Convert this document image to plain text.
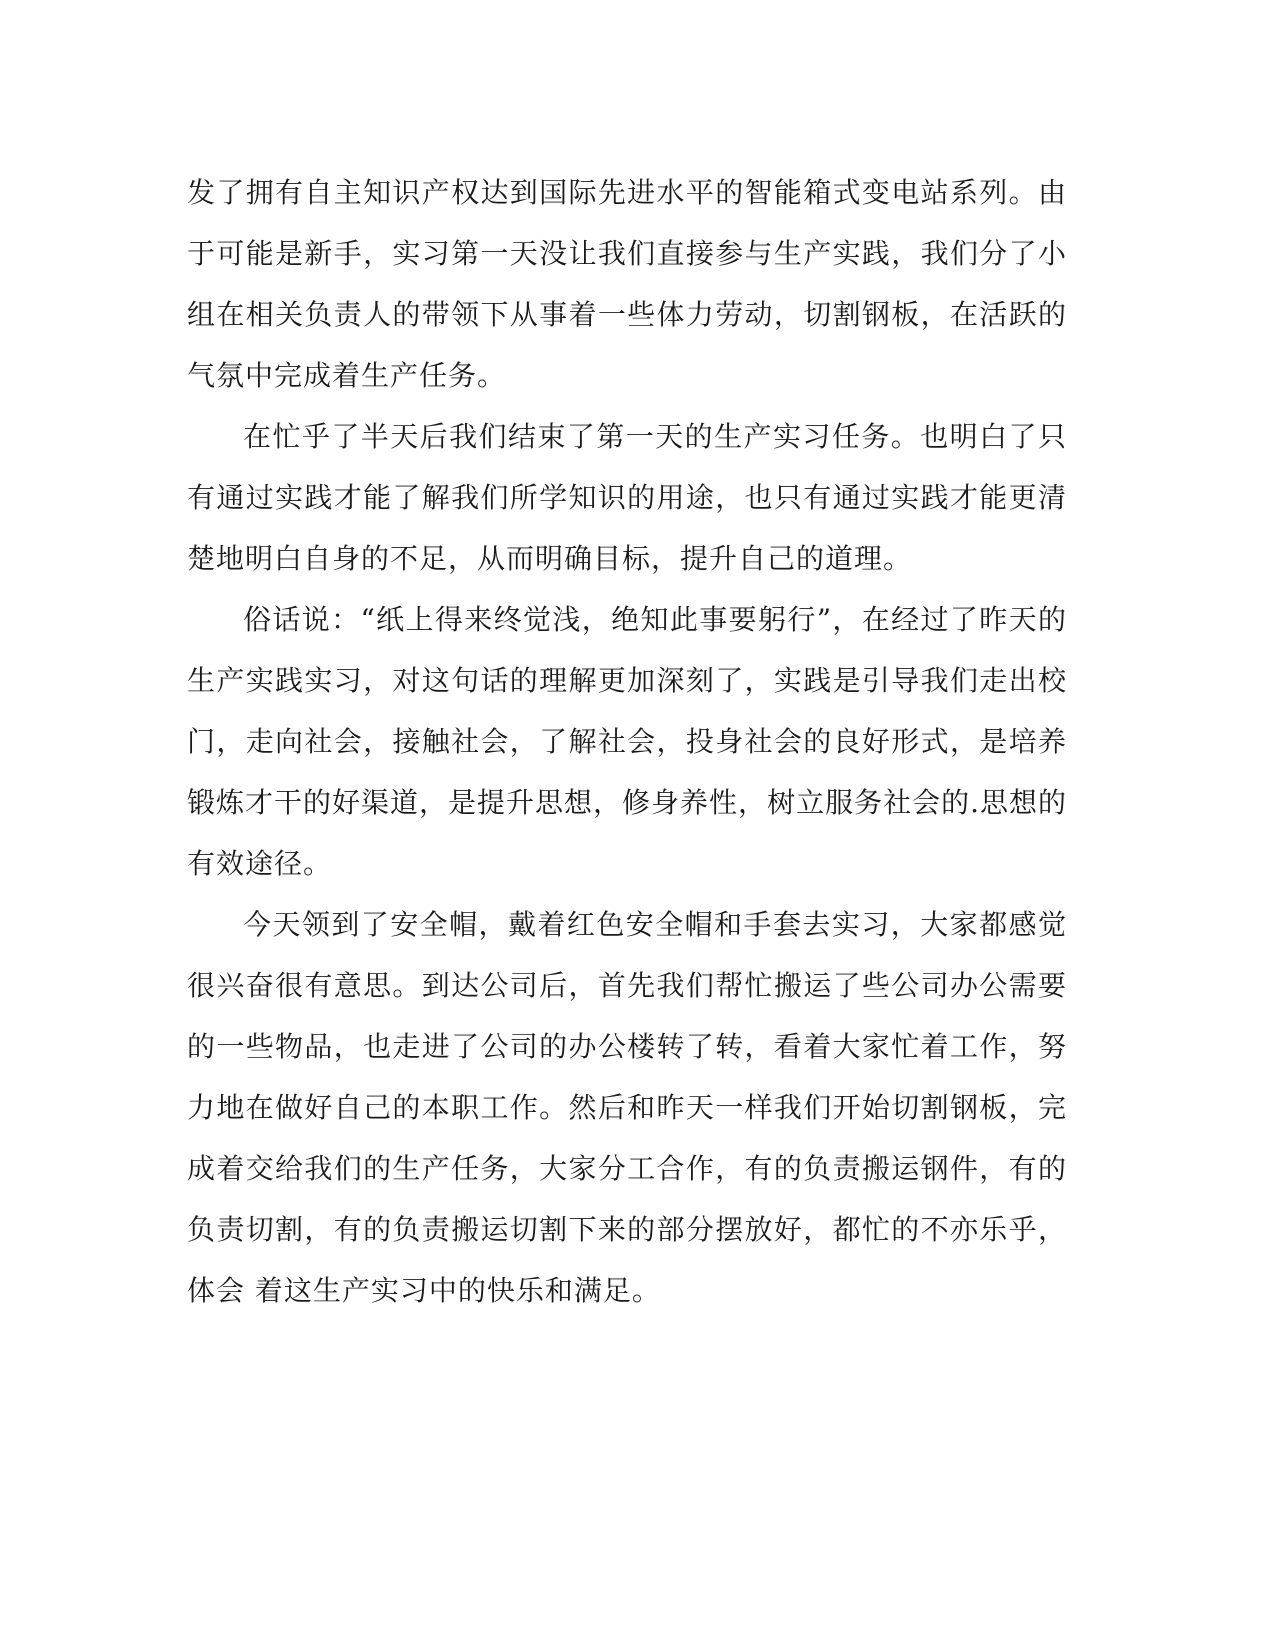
发了拥有自主知识产权达到国际先进水平的智能箱式变电站系列。由于可能是新手，实习第一天没让我们直接参与生产实践，我们分了小组在相关负责人的带领下从事着一些体力劳动，切割钢板，在活跃的气氛中完成着生产任务。

在忙乎了半天后我们结束了第一天的生产实习任务。也明白了只有通过实践才能了解我们所学知识的用途，也只有通过实践才能更清楚地明白自身的不足，从而明确目标，提升自己的道理。

俗话说：“纸上得来终觉浅，绝知此事要躬行”，在经过了昨天的生产实践实习，对这句话的理解更加深刻了，实践是引导我们走出校门，走向社会，接触社会，了解社会，投身社会的良好形式，是培养锻炼才干的好渠道，是提升思想，修身养性，树立服务社会的.思想的有效途径。

今天领到了安全帽，戴着红色安全帽和手套去实习，大家都感觉很兴奋很有意思。到达公司后，首先我们帮忙搬运了些公司办公需要的一些物品，也走进了公司的办公楼转了转，看着大家忙着工作，努力地在做好自己的本职工作。然后和昨天一样我们开始切割钢板，完成着交给我们的生产任务，大家分工合作，有的负责搬运钢件，有的负责切割，有的负责搬运切割下来的部分摆放好，都忙的不亦乐乎，体会 着这生产实习中的快乐和满足。
